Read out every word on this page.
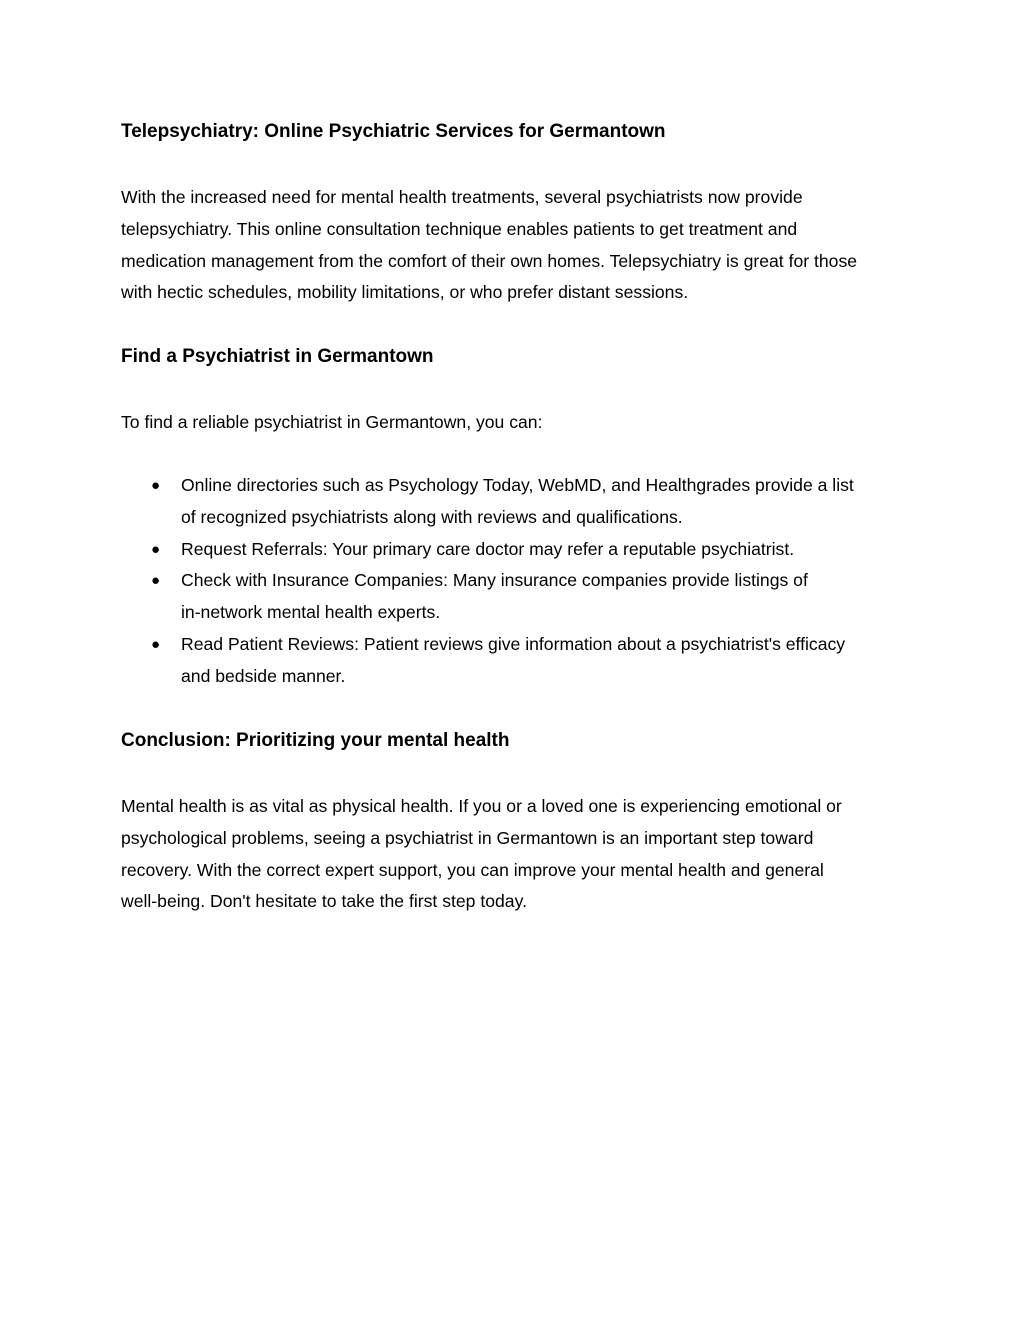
Telepsychiatry: Online Psychiatric Services for Germantown

With the increased need for mental health treatments, several psychiatrists now provide
telepsychiatry. This online consultation technique enables patients to get treatment and
medication management from the comfort of their own homes. Telepsychiatry is great for those
with hectic schedules, mobility limitations, or who prefer distant sessions.

Find a Psychiatrist in Germantown

To find a reliable psychiatrist in Germantown, you can:

● Online directories such as Psychology Today, WebMD, and Healthgrades provide a list
of recognized psychiatrists along with reviews and qualifications.
● Request Referrals: Your primary care doctor may refer a reputable psychiatrist.
● Check with Insurance Companies: Many insurance companies provide listings of
in-network mental health experts.
● Read Patient Reviews: Patient reviews give information about a psychiatrist's efficacy
and bedside manner.
Conclusion: Prioritizing your mental health

Mental health is as vital as physical health. If you or a loved one is experiencing emotional or
psychological problems, seeing a psychiatrist in Germantown is an important step toward
recovery. With the correct expert support, you can improve your mental health and general
well-being. Don't hesitate to take the first step today.
